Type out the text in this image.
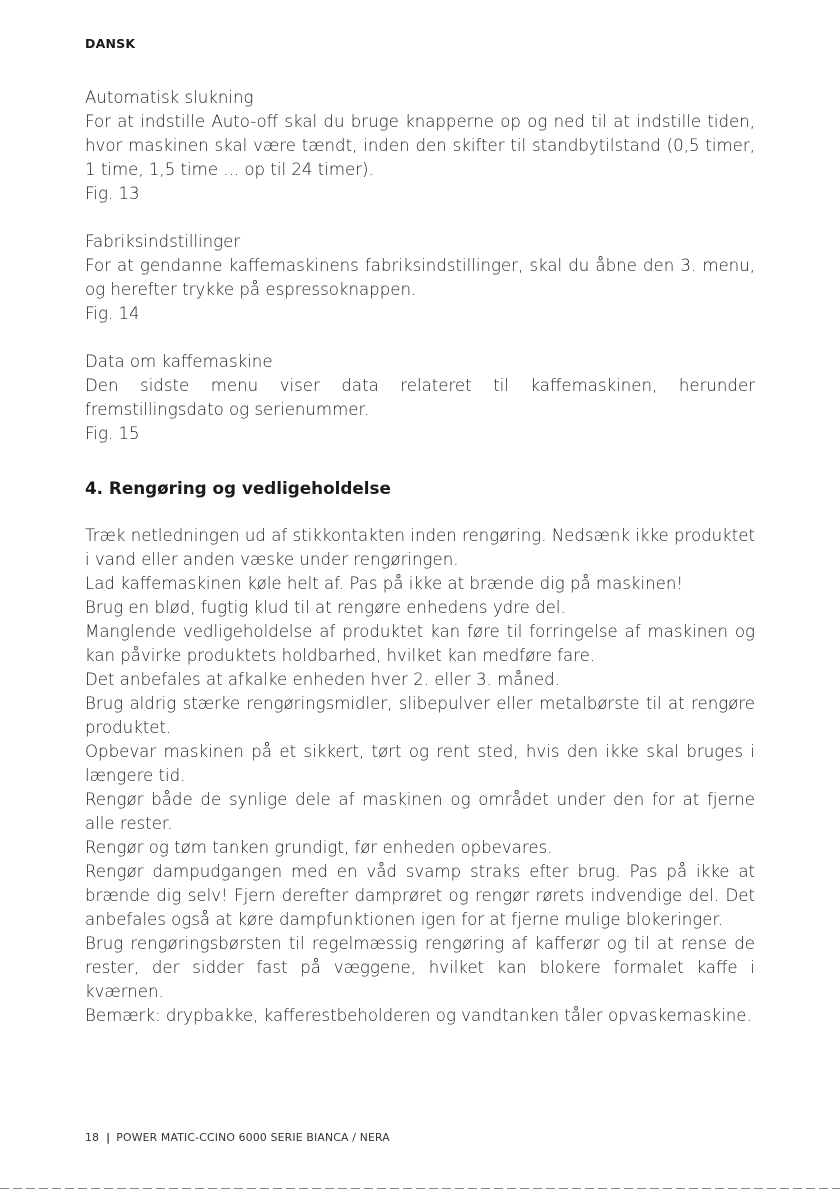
DANSK

Automatisk slukning

For at indstille Auto-off skal du bruge knapperne op og ned til at indstille tiden, hvor maskinen skal være tændt, inden den skifter til standbytilstand (0,5 timer, 1 time, 1,5 time ... op til 24 timer).

Fig. 13

Fabriksindstillinger

For at gendanne kaffemaskinens fabriksindstillinger, skal du åbne den 3. menu, og herefter trykke på espressoknappen.

Fig. 14

Data om kaffemaskine

Den sidste menu viser data relateret til kaffemaskinen, herunder fremstillingsdato og serienummer.

Fig. 15

4. Rengøring og vedligeholdelse

Træk netledningen ud af stikkontakten inden rengøring. Nedsænk ikke produktet i vand eller anden væske under rengøringen.

Lad kaffemaskinen køle helt af. Pas på ikke at brænde dig på maskinen!

Brug en blød, fugtig klud til at rengøre enhedens ydre del.

Manglende vedligeholdelse af produktet kan føre til forringelse af maskinen og kan påvirke produktets holdbarhed, hvilket kan medføre fare.

Det anbefales at afkalke enheden hver 2. eller 3. måned.

Brug aldrig stærke rengøringsmidler, slibepulver eller metalbørste til at rengøre produktet.

Opbevar maskinen på et sikkert, tørt og rent sted, hvis den ikke skal bruges i længere tid.

Rengør både de synlige dele af maskinen og området under den for at fjerne alle rester.

Rengør og tøm tanken grundigt, før enheden opbevares.

Rengør dampudgangen med en våd svamp straks efter brug. Pas på ikke at brænde dig selv! Fjern derefter damprøret og rengør rørets indvendige del. Det anbefales også at køre dampfunktionen igen for at fjerne mulige blokeringer.

Brug rengøringsbørsten til regelmæssig rengøring af kafferør og til at rense de rester, der sidder fast på væggene, hvilket kan blokere formalet kaffe i kværnen.

Bemærk: drypbakke, kafferestbeholderen og vandtanken tåler opvaskemaskine.

18 | POWER MATIC-CCINO 6000 SERIE BIANCA / NERA
